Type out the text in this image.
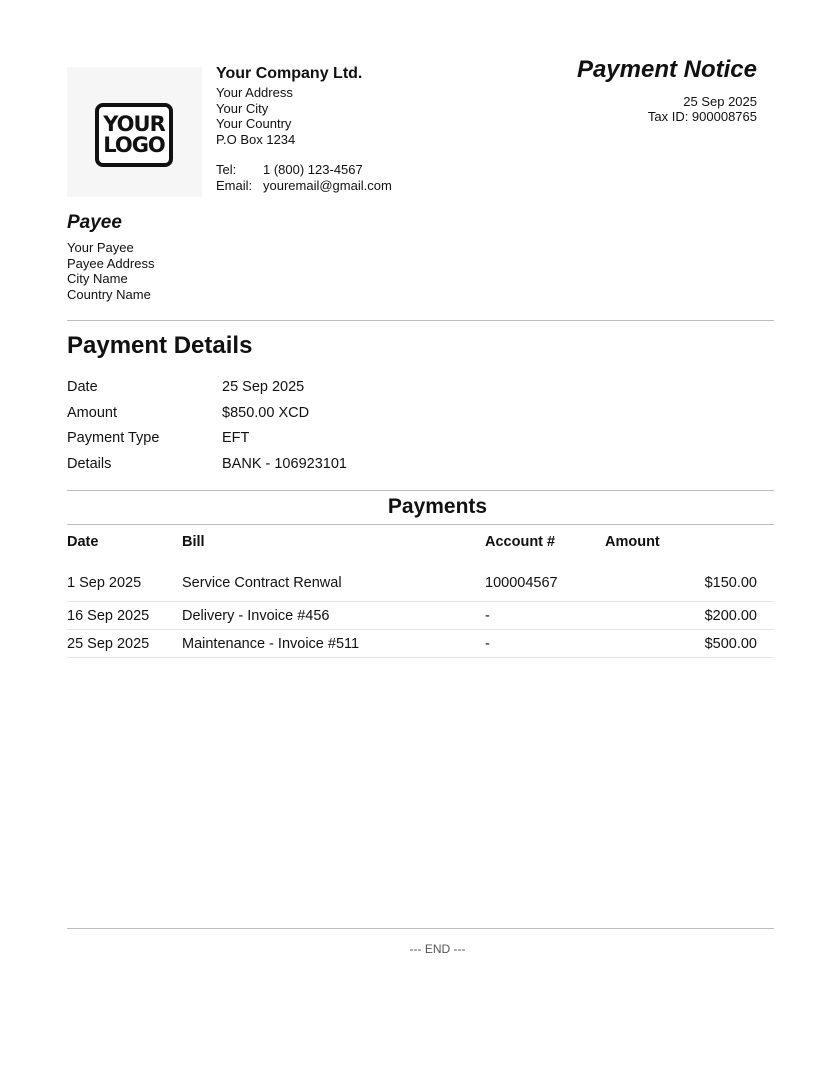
YOUR
LOGO
Your Company Ltd.
Your Address
Your City
Your Country
P.O Box 1234
Tel:	1 (800) 123-4567
Email: youremail@gmail.com
Payment Notice
25 Sep 2025
Tax ID: 900008765
Payee
Your Payee
Payee Address
City Name
Country Name
Payment Details
Date	25 Sep 2025
Amount	$850.00 XCD
Payment Type	EFT
Details	BANK - 106923101
Payments
Date	Bill	Account #	Amount
1 Sep 2025	Service Contract Renwal	100004567	$150.00
16 Sep 2025	Delivery - Invoice #456	-	$200.00
25 Sep 2025	Maintenance - Invoice #511	-	$500.00
--- END ---
